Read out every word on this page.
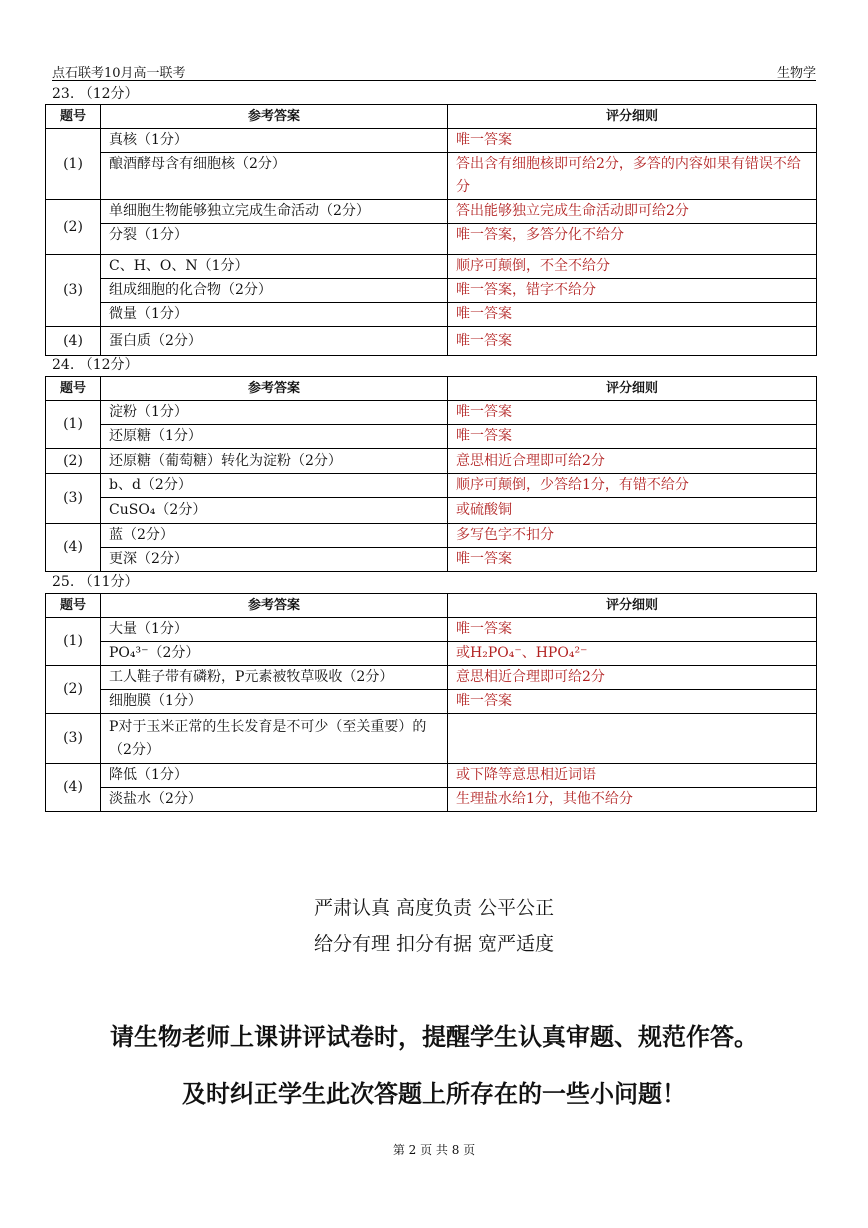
点石联考10月高一联考	生物学
23. （12分）
题号	参考答案	评分细则
(1)	真核（1分）	唯一答案
	酿酒酵母含有细胞核（2分）	答出含有细胞核即可给2分，多答的内容如果有错误不给分
(2)	单细胞生物能够独立完成生命活动（2分）	答出能够独立完成生命活动即可给2分
	分裂（1分）	唯一答案，多答分化不给分
(3)	C、H、O、N（1分）	顺序可颠倒，不全不给分
	组成细胞的化合物（2分）	唯一答案，错字不给分
	微量（1分）	唯一答案
(4)	蛋白质（2分）	唯一答案
24. （12分）
题号	参考答案	评分细则
(1)	淀粉（1分）	唯一答案
	还原糖（1分）	唯一答案
(2)	还原糖（葡萄糖）转化为淀粉（2分）	意思相近合理即可给2分
(3)	b、d（2分）	顺序可颠倒，少答给1分，有错不给分
	CuSO₄（2分）	或硫酸铜
(4)	蓝（2分）	多写色字不扣分
	更深（2分）	唯一答案
25. （11分）
题号	参考答案	评分细则
(1)	大量（1分）	唯一答案
	PO₄³⁻（2分）	或H₂PO₄⁻、HPO₄²⁻
(2)	工人鞋子带有磷粉，P元素被牧草吸收（2分）	意思相近合理即可给2分
	细胞膜（1分）	唯一答案
(3)	P对于玉米正常的生长发育是不可少（至关重要）的（2分）	
(4)	降低（1分）	或下降等意思相近词语
	淡盐水（2分）	生理盐水给1分，其他不给分
严肃认真 高度负责 公平公正
给分有理 扣分有据 宽严适度
请生物老师上课讲评试卷时，提醒学生认真审题、规范作答。
及时纠正学生此次答题上所存在的一些小问题！
第 2 页 共 8 页
